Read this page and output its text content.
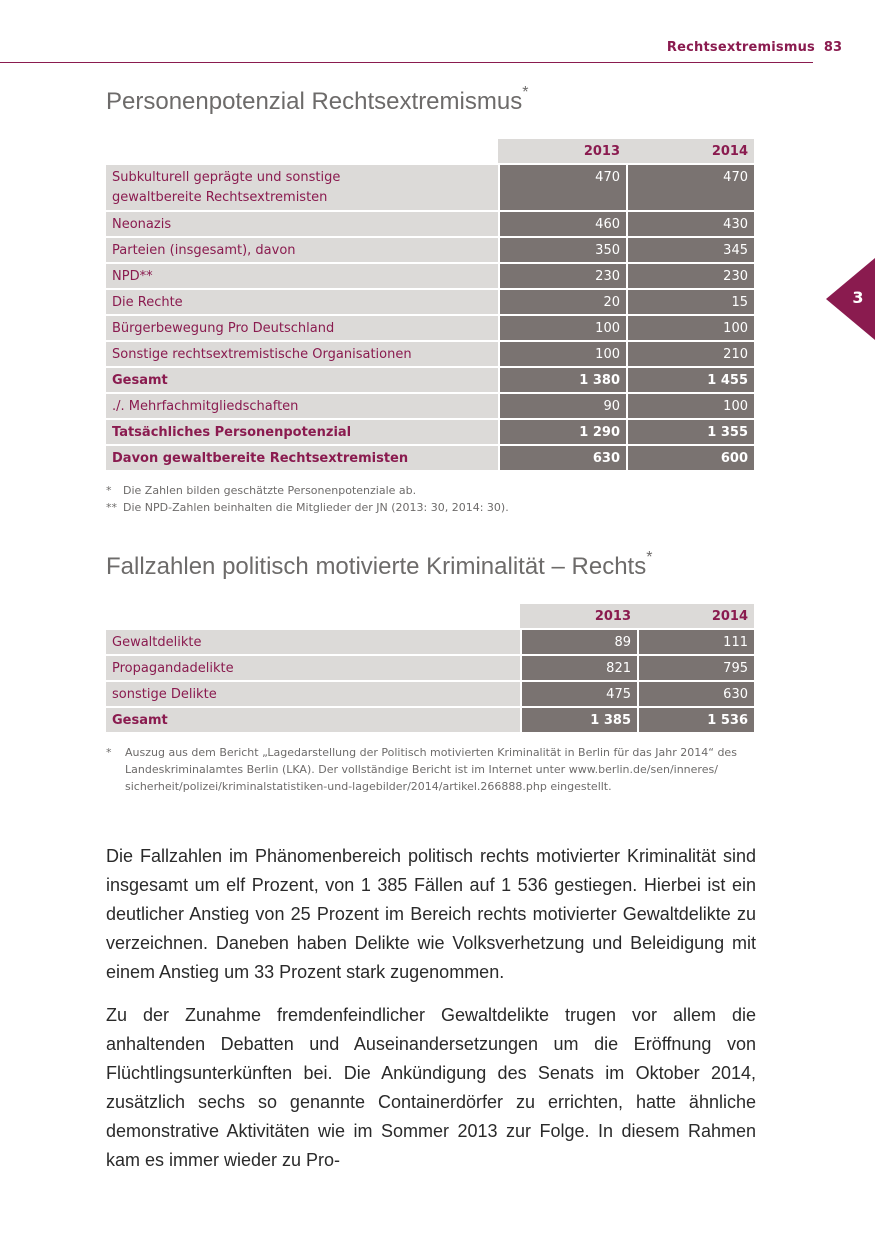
Rechtsextremismus 83
3
Personenpotenzial Rechtsextremismus*
	2013	2014

Subkulturell geprägte und sonstige
gewaltbereite Rechtsextremisten	470	470

Neonazis	460	430

Parteien (insgesamt), davon	350	345

NPD**	230	230

Die Rechte	20	15

Bürgerbewegung Pro Deutschland	100	100

Sonstige rechtsextremistische Organisationen	100	210

Gesamt	1 380	1 455

./. Mehrfachmitgliedschaften	90	100

Tatsächliches Personenpotenzial	1 290	1 355

Davon gewaltbereite Rechtsextremisten	630	600
*	Die Zahlen bilden geschätzte Personenpotenziale ab.
** Die NPD-Zahlen beinhalten die Mitglieder der JN (2013: 30, 2014: 30).
Fallzahlen politisch motivierte Kriminalität – Rechts*
	2013	2014
Gewaltdelikte	89	111
Propagandadelikte	821	795
sonstige Delikte	475	630
Gesamt	1 385	1 536
*	Auszug aus dem Bericht „Lagedarstellung der Politisch motivierten Kriminalität in Berlin für das Jahr 2014“ des
Landeskriminalamtes Berlin (LKA). Der vollständige Bericht ist im Internet unter www.berlin.de/sen/inneres/
sicherheit/polizei/kriminalstatistiken-und-lagebilder/2014/artikel.266888.php eingestellt.

Die Fallzahlen im Phänomenbereich politisch rechts motivierter Kriminalität sind insgesamt um elf Prozent, von 1 385 Fällen auf 1 536 gestiegen. Hierbei ist ein deutlicher Anstieg von 25 Prozent im Bereich rechts motivierter Gewaltdelikte zu verzeichnen. Daneben haben Delikte wie Volksverhetzung und Beleidigung mit einem Anstieg um 33 Prozent stark zugenommen.

Zu der Zunahme fremdenfeindlicher Gewaltdelikte trugen vor allem die anhaltenden Debatten und Auseinandersetzungen um die Eröffnung von Flüchtlingsunterkünften bei. Die Ankündigung des Senats im Oktober 2014, zusätzlich sechs so genannte Containerdörfer zu errichten, hatte ähnliche demonstrative Aktivitäten wie im Sommer 2013 zur Folge. In diesem Rahmen kam es immer wieder zu Pro-
